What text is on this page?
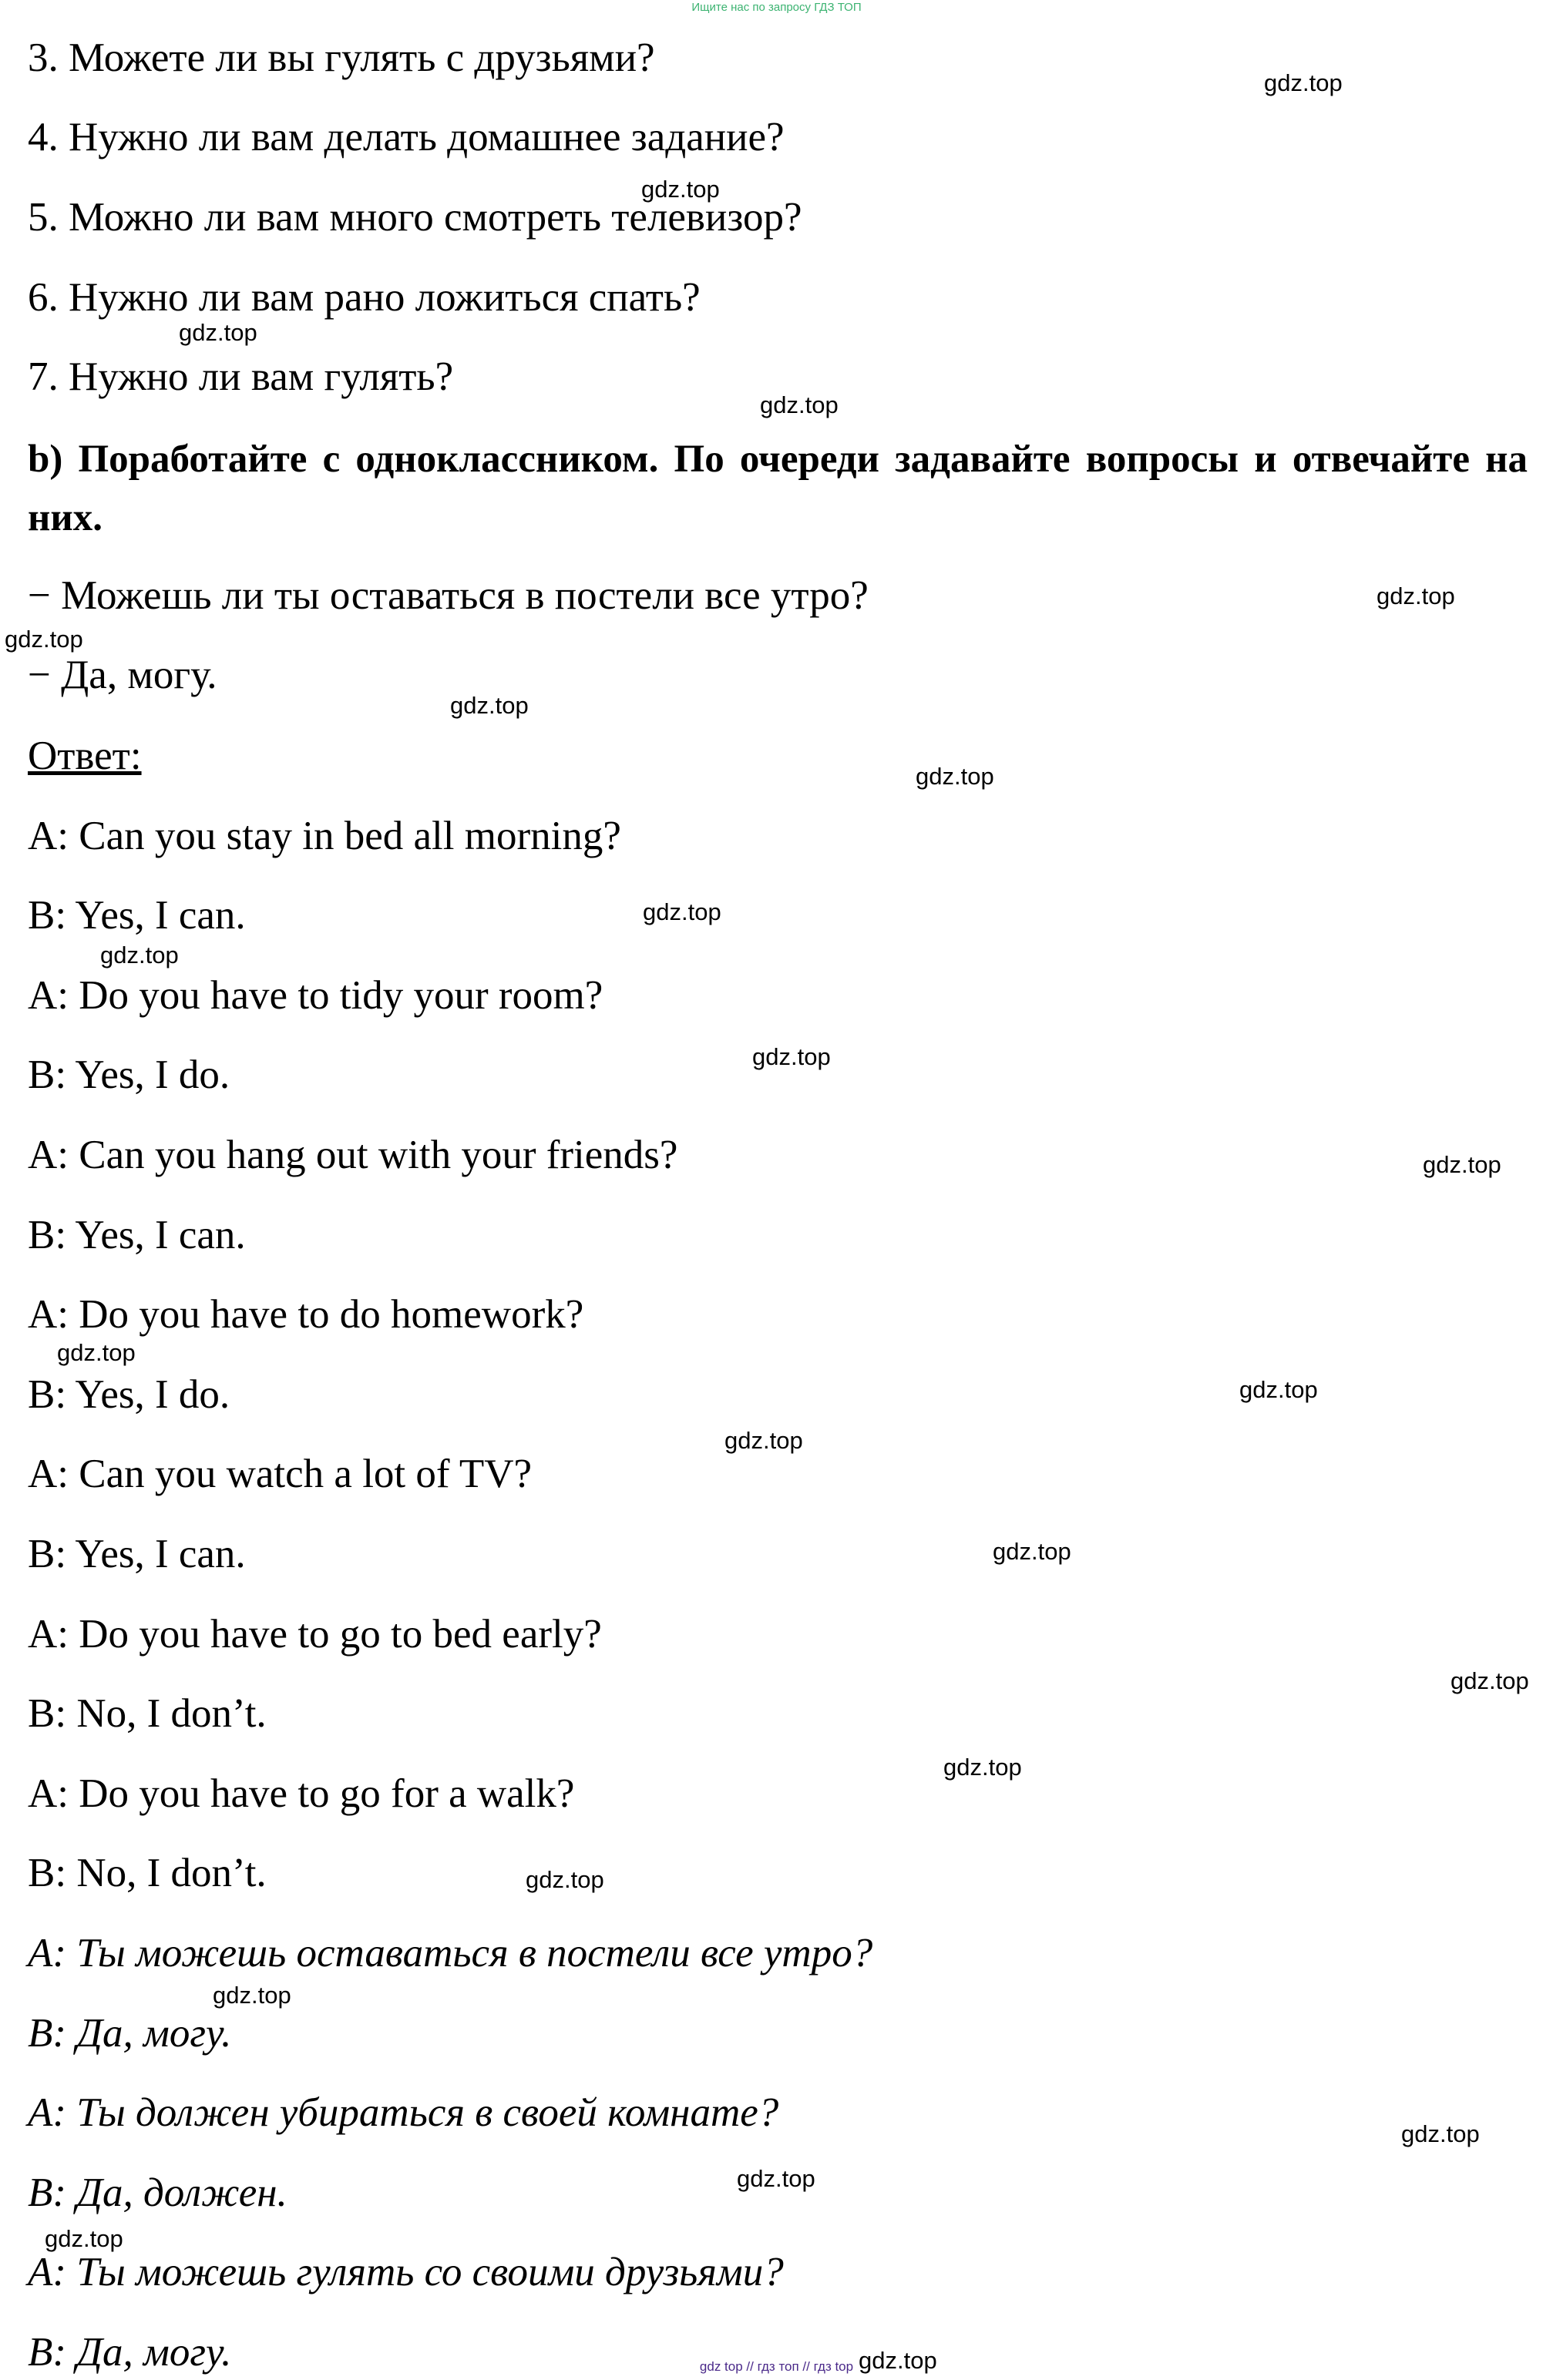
Ищите нас по запросу ГДЗ ТОП
3. Можете ли вы гулять с друзьями?
4. Нужно ли вам делать домашнее задание?
5. Можно ли вам много смотреть телевизор?
6. Нужно ли вам рано ложиться спать?
7. Нужно ли вам гулять?
b) Поработайте с одноклассником. По очереди задавайте вопросы и отвечайте на них.
− Можешь ли ты оставаться в постели все утро?
− Да, могу.
Ответ:
A: Can you stay in bed all morning?
B: Yes, I can.
A: Do you have to tidy your room?
B: Yes, I do.
A: Can you hang out with your friends?
B: Yes, I can.
A: Do you have to do homework?
B: Yes, I do.
A: Can you watch a lot of TV?
B: Yes, I can.
A: Do you have to go to bed early?
B: No, I don’t.
A: Do you have to go for a walk?
B: No, I don’t.
A: Ты можешь оставаться в постели все утро?
B: Да, могу.
A: Ты должен убираться в своей комнате?
B: Да, должен.
A: Ты можешь гулять со своими друзьями?
B: Да, могу.
gdz.top
gdz.top
gdz.top
gdz.top
gdz.top
gdz.top
gdz.top
gdz.top
gdz.top
gdz.top
gdz.top
gdz.top
gdz.top
gdz.top
gdz.top
gdz.top
gdz.top
gdz.top
gdz.top
gdz.top
gdz.top
gdz.top
gdz.top
gdz.top
gdz top // гдз топ // гдз top
